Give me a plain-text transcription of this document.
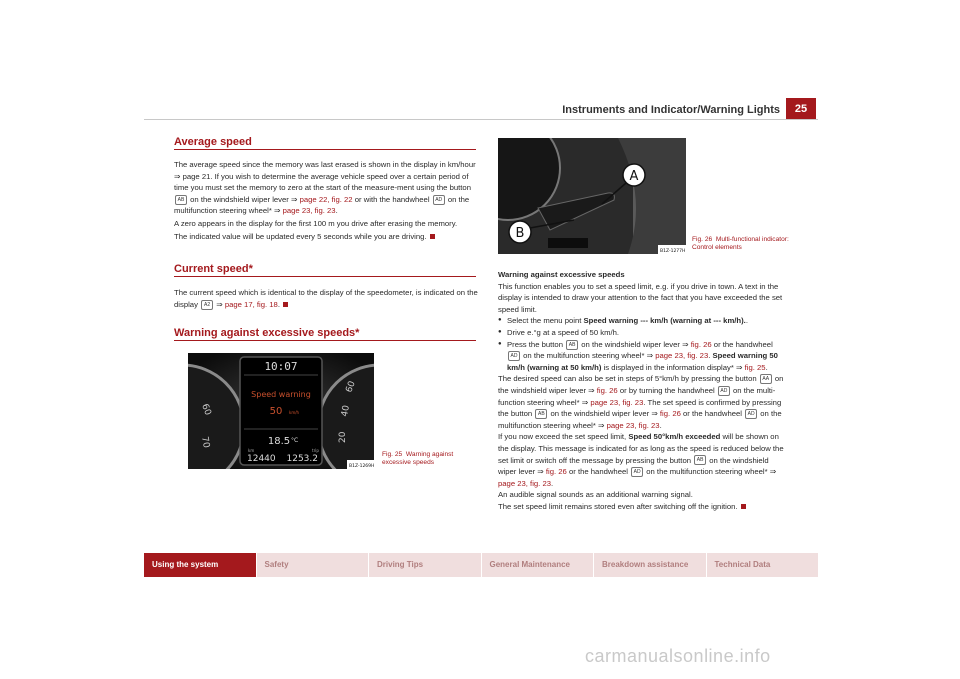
Instruments and Indicator/Warning Lights	25
Average speed

The average speed since the memory was last erased is shown in the display in km/hour ⇒ page 21. If you wish to determine the average vehicle speed over a certain period of time you must set the memory to zero at the start of the measure-ment using the button AB on the windshield wiper lever ⇒ page 22, fig. 22 or with the handwheel AD on the multifunction steering wheel* ⇒ page 23, fig. 23.

A zero appears in the display for the first 100 m you drive after erasing the memory.

The indicated value will be updated every 5 seconds while you are driving.

Current speed*

The current speed which is identical to the display of the speedometer, is indicated on the display A2 ⇒ page 17, fig. 18.

Warning against excessive speeds*
10:07
Speed warning
50 km/h
18.5 °C
km	trip
12440 1253.2
60
70
60
40
20
B1Z-1269H
Fig. 25 Warning against excessive speeds
A
B
B1Z-1277H
Fig. 26 Multi-functional indicator: Control elements

Warning against excessive speeds

This function enables you to set a speed limit, e.g. if you drive in town. A text in the display is intended to draw your attention to the fact that you have exceeded the set speed limit.

● Select the menu point Speed warning --- km/h (warning at --- km/h)..
● Drive e.°g at a speed of 50 km/h.
● Press the button AB on the windshield wiper lever ⇒ fig. 26 or the handwheel AD on the multifunction steering wheel* ⇒ page 23, fig. 23. Speed warning 50 km/h (warning at 50 km/h) is displayed in the information display* ⇒ fig. 25.

The desired speed can also be set in steps of 5°km/h by pressing the button AA on the windshield wiper lever ⇒ fig. 26 or by turning the handwheel AD on the multi-function steering wheel* ⇒ page 23, fig. 23. The set speed is confirmed by pressing the button AB on the windshield wiper lever ⇒ fig. 26 or the handwheel AD on the multifunction steering wheel* ⇒ page 23, fig. 23.

If you now exceed the set speed limit, Speed 50°km/h exceeded will be shown on the display. This message is indicated for as long as the speed is reduced below the set limit or switch off the message by pressing the button AB on the windshield wiper lever ⇒ fig. 26 or the handwheel AD on the multifunction steering wheel* ⇒ page 23, fig. 23.

An audible signal sounds as an additional warning signal.

The set speed limit remains stored even after switching off the ignition.

Using the system	Safety	Driving Tips	General Maintenance	Breakdown assistance	Technical Data
carmanualsonline.info
